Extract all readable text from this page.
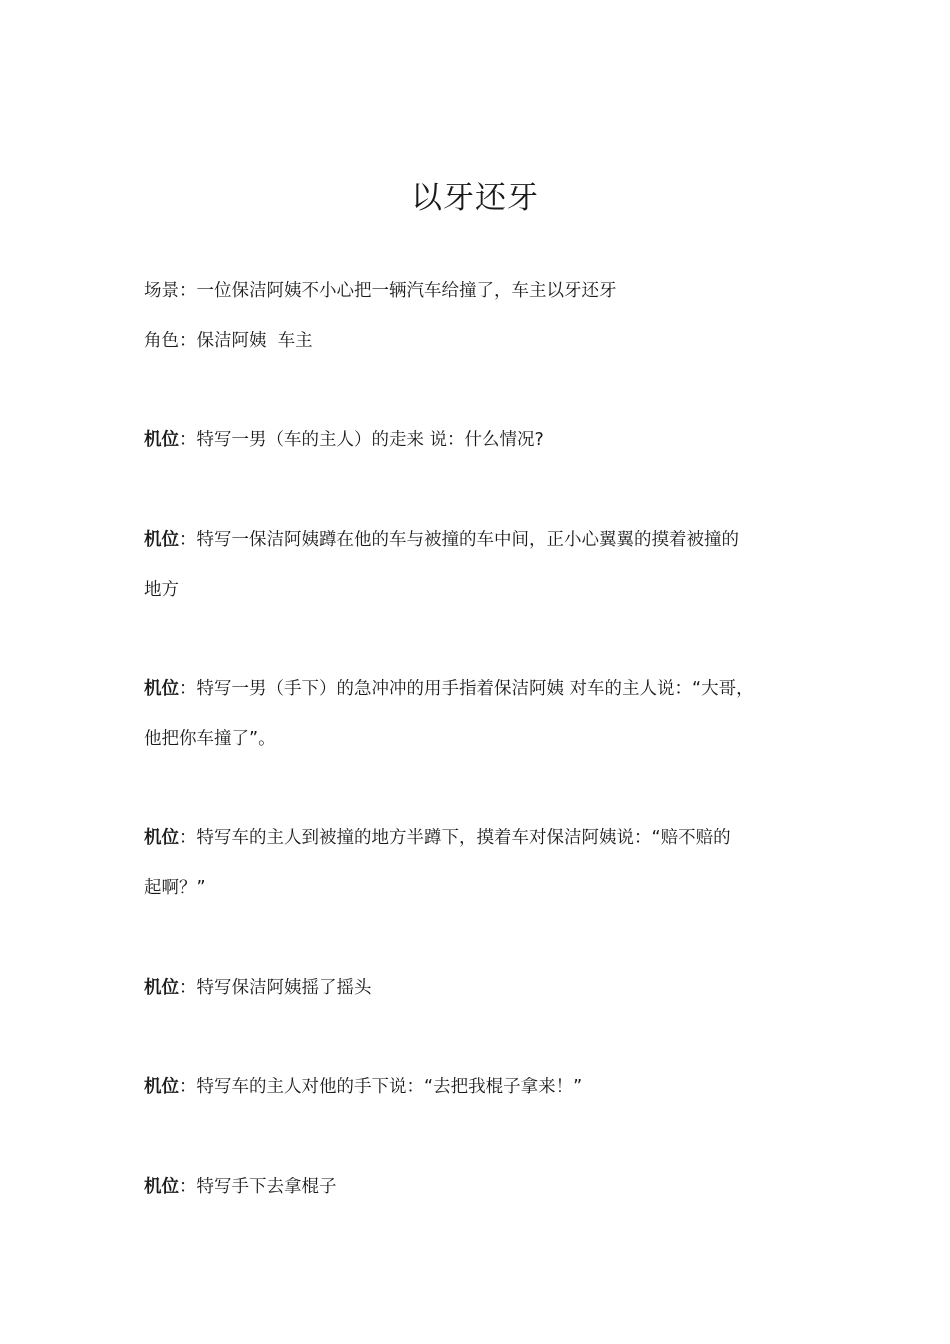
以牙还牙

场景：一位保洁阿姨不小心把一辆汽车给撞了，车主以牙还牙

角色：保洁阿姨  车主

机位：特写一男（车的主人）的走来 说：什么情况?
机位：特写一保洁阿姨蹲在他的车与被撞的车中间，正小心翼翼的摸着被撞的
地方
机位：特写一男（手下）的急冲冲的用手指着保洁阿姨 对车的主人说：“大哥，
他把你车撞了”。
机位：特写车的主人到被撞的地方半蹲下，摸着车对保洁阿姨说：“赔不赔的
起啊？”
机位：特写保洁阿姨摇了摇头
机位：特写车的主人对他的手下说：“去把我棍子拿来！”
机位：特写手下去拿棍子
